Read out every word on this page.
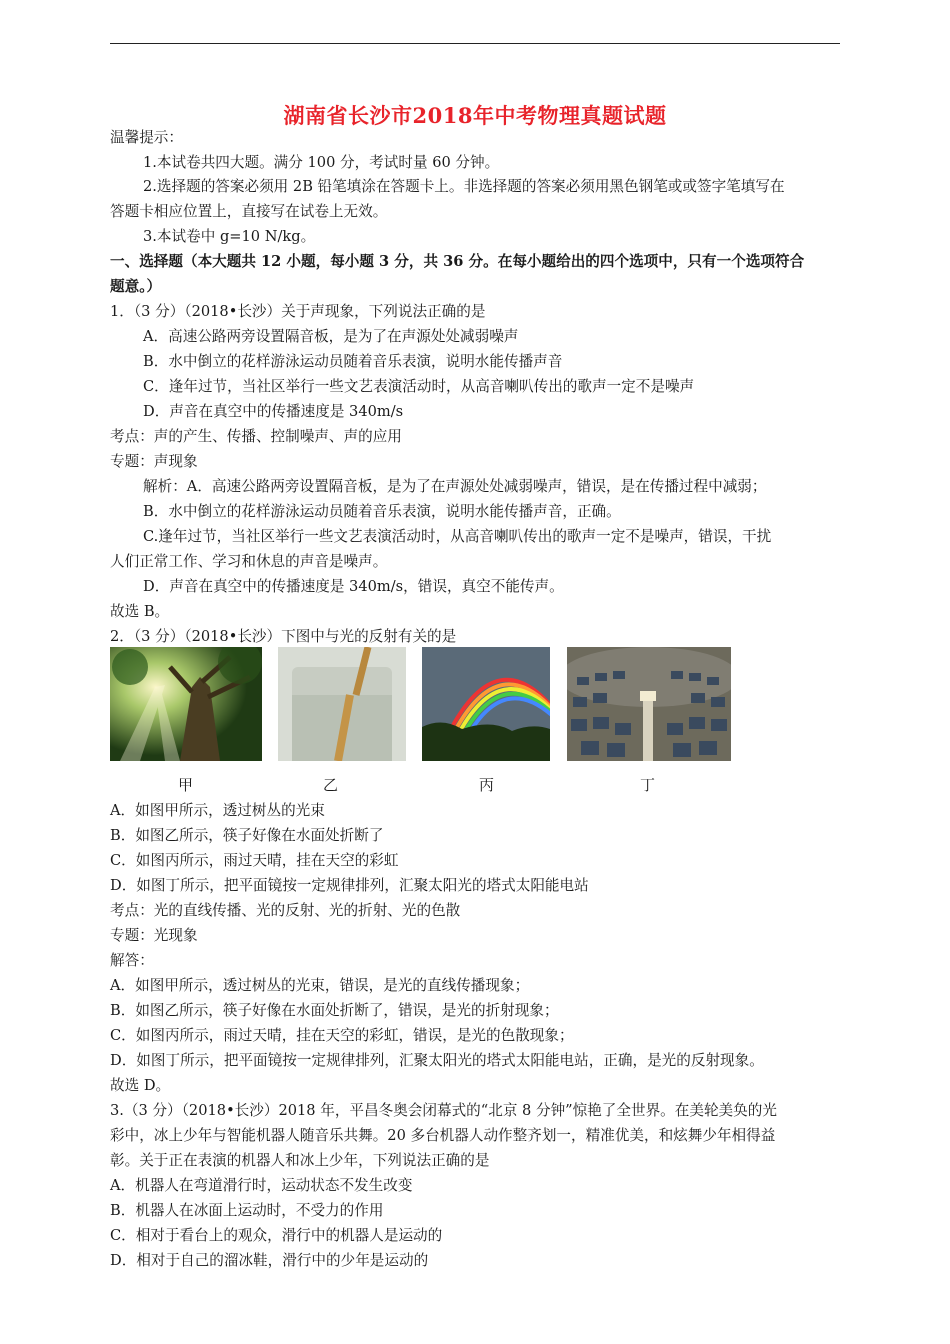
湖南省长沙市2018年中考物理真题试题
温馨提示：
1.本试卷共四大题。满分 100 分，考试时量 60 分钟。
2.选择题的答案必须用 2B 铅笔填涂在答题卡上。非选择题的答案必须用黑色钢笔或或签字笔填写在
答题卡相应位置上，直接写在试卷上无效。
3.本试卷中 g=10 N/kg。
一、选择题（本大题共 12 小题，每小题 3 分，共 36 分。在每小题给出的四个选项中，只有一个选项符合
题意。）
1．（3 分）（2018•长沙）关于声现象，下列说法正确的是
A．高速公路两旁设置隔音板，是为了在声源处处减弱噪声
B．水中倒立的花样游泳运动员随着音乐表演，说明水能传播声音
C．逢年过节，当社区举行一些文艺表演活动时，从高音喇叭传出的歌声一定不是噪声
D．声音在真空中的传播速度是 340m/s
考点：声的产生、传播、控制噪声、声的应用
专题：声现象
解析：A．高速公路两旁设置隔音板，是为了在声源处处减弱噪声，错误，是在传播过程中减弱；
B．水中倒立的花样游泳运动员随着音乐表演，说明水能传播声音，正确。
C.逢年过节，当社区举行一些文艺表演活动时，从高音喇叭传出的歌声一定不是噪声，错误，干扰
人们正常工作、学习和休息的声音是噪声。
D．声音在真空中的传播速度是 340m/s，错误，真空不能传声。
故选 B。
2．（3 分）（2018•长沙）下图中与光的反射有关的是
甲	乙	丙	丁
A．如图甲所示，透过树丛的光束
B．如图乙所示，筷子好像在水面处折断了
C．如图丙所示，雨过天晴，挂在天空的彩虹
D．如图丁所示，把平面镜按一定规律排列，汇聚太阳光的塔式太阳能电站
考点：光的直线传播、光的反射、光的折射、光的色散
专题：光现象
解答：
A．如图甲所示，透过树丛的光束，错误，是光的直线传播现象；
B．如图乙所示，筷子好像在水面处折断了，错误，是光的折射现象；
C．如图丙所示，雨过天晴，挂在天空的彩虹，错误，是光的色散现象；
D．如图丁所示，把平面镜按一定规律排列，汇聚太阳光的塔式太阳能电站，正确，是光的反射现象。
故选 D。
3.（3 分）（2018•长沙）2018 年，平昌冬奥会闭幕式的“北京 8 分钟”惊艳了全世界。在美轮美奂的光
彩中，冰上少年与智能机器人随音乐共舞。20 多台机器人动作整齐划一，精准优美，和炫舞少年相得益
彰。关于正在表演的机器人和冰上少年，下列说法正确的是
A．机器人在弯道滑行时，运动状态不发生改变
B．机器人在冰面上运动时，不受力的作用
C．相对于看台上的观众，滑行中的机器人是运动的
D．相对于自己的溜冰鞋，滑行中的少年是运动的
